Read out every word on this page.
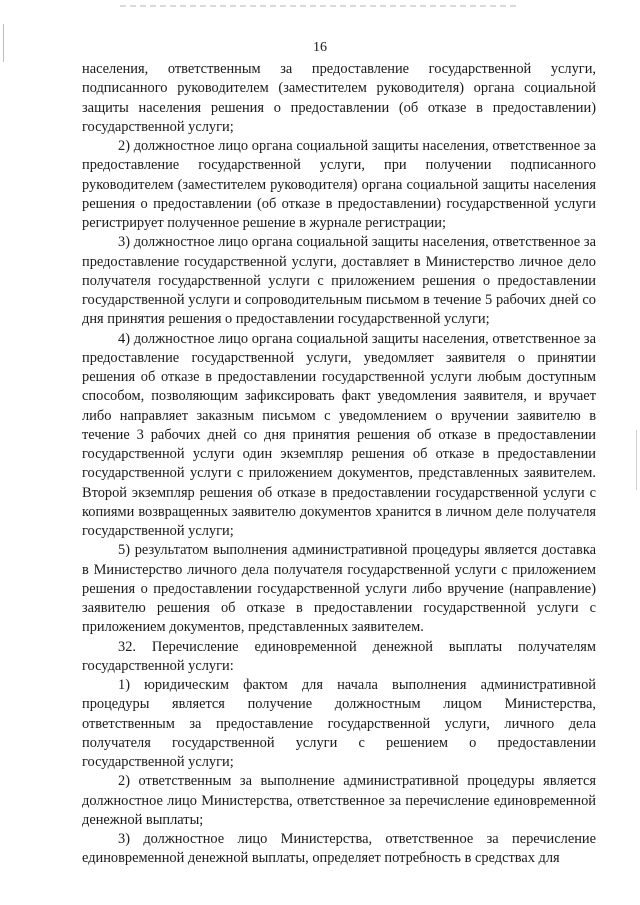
16

населения, ответственным за предоставление государственной услуги, подписанного руководителем (заместителем руководителя) органа социальной защиты населения решения о предоставлении (об отказе в предоставлении) государственной услуги;

2) должностное лицо органа социальной защиты населения, ответственное за предоставление государственной услуги, при получении подписанного руководителем (заместителем руководителя) органа социальной защиты населения решения о предоставлении (об отказе в предоставлении) государственной услуги регистрирует полученное решение в журнале регистрации;

3) должностное лицо органа социальной защиты населения, ответственное за предоставление государственной услуги, доставляет в Министерство личное дело получателя государственной услуги с приложением решения о предоставлении государственной услуги и сопроводительным письмом в течение 5 рабочих дней со дня принятия решения о предоставлении государственной услуги;

4) должностное лицо органа социальной защиты населения, ответственное за предоставление государственной услуги, уведомляет заявителя о принятии решения об отказе в предоставлении государственной услуги любым доступным способом, позволяющим зафиксировать факт уведомления заявителя, и вручает либо направляет заказным письмом с уведомлением о вручении заявителю в течение 3 рабочих дней со дня принятия решения об отказе в предоставлении государственной услуги один экземпляр решения об отказе в предоставлении государственной услуги с приложением документов, представленных заявителем. Второй экземпляр решения об отказе в предоставлении государственной услуги с копиями возвращенных заявителю документов хранится в личном деле получателя государственной услуги;

5) результатом выполнения административной процедуры является доставка в Министерство личного дела получателя государственной услуги с приложением решения о предоставлении государственной услуги либо вручение (направление) заявителю решения об отказе в предоставлении государственной услуги с приложением документов, представленных заявителем.

32. Перечисление единовременной денежной выплаты получателям государственной услуги:

1) юридическим фактом для начала выполнения административной процедуры является получение должностным лицом Министерства, ответственным за предоставление государственной услуги, личного дела получателя государственной услуги с решением о предоставлении государственной услуги;

2) ответственным за выполнение административной процедуры является должностное лицо Министерства, ответственное за перечисление единовременной денежной выплаты;

3) должностное лицо Министерства, ответственное за перечисление единовременной денежной выплаты, определяет потребность в средствах для
